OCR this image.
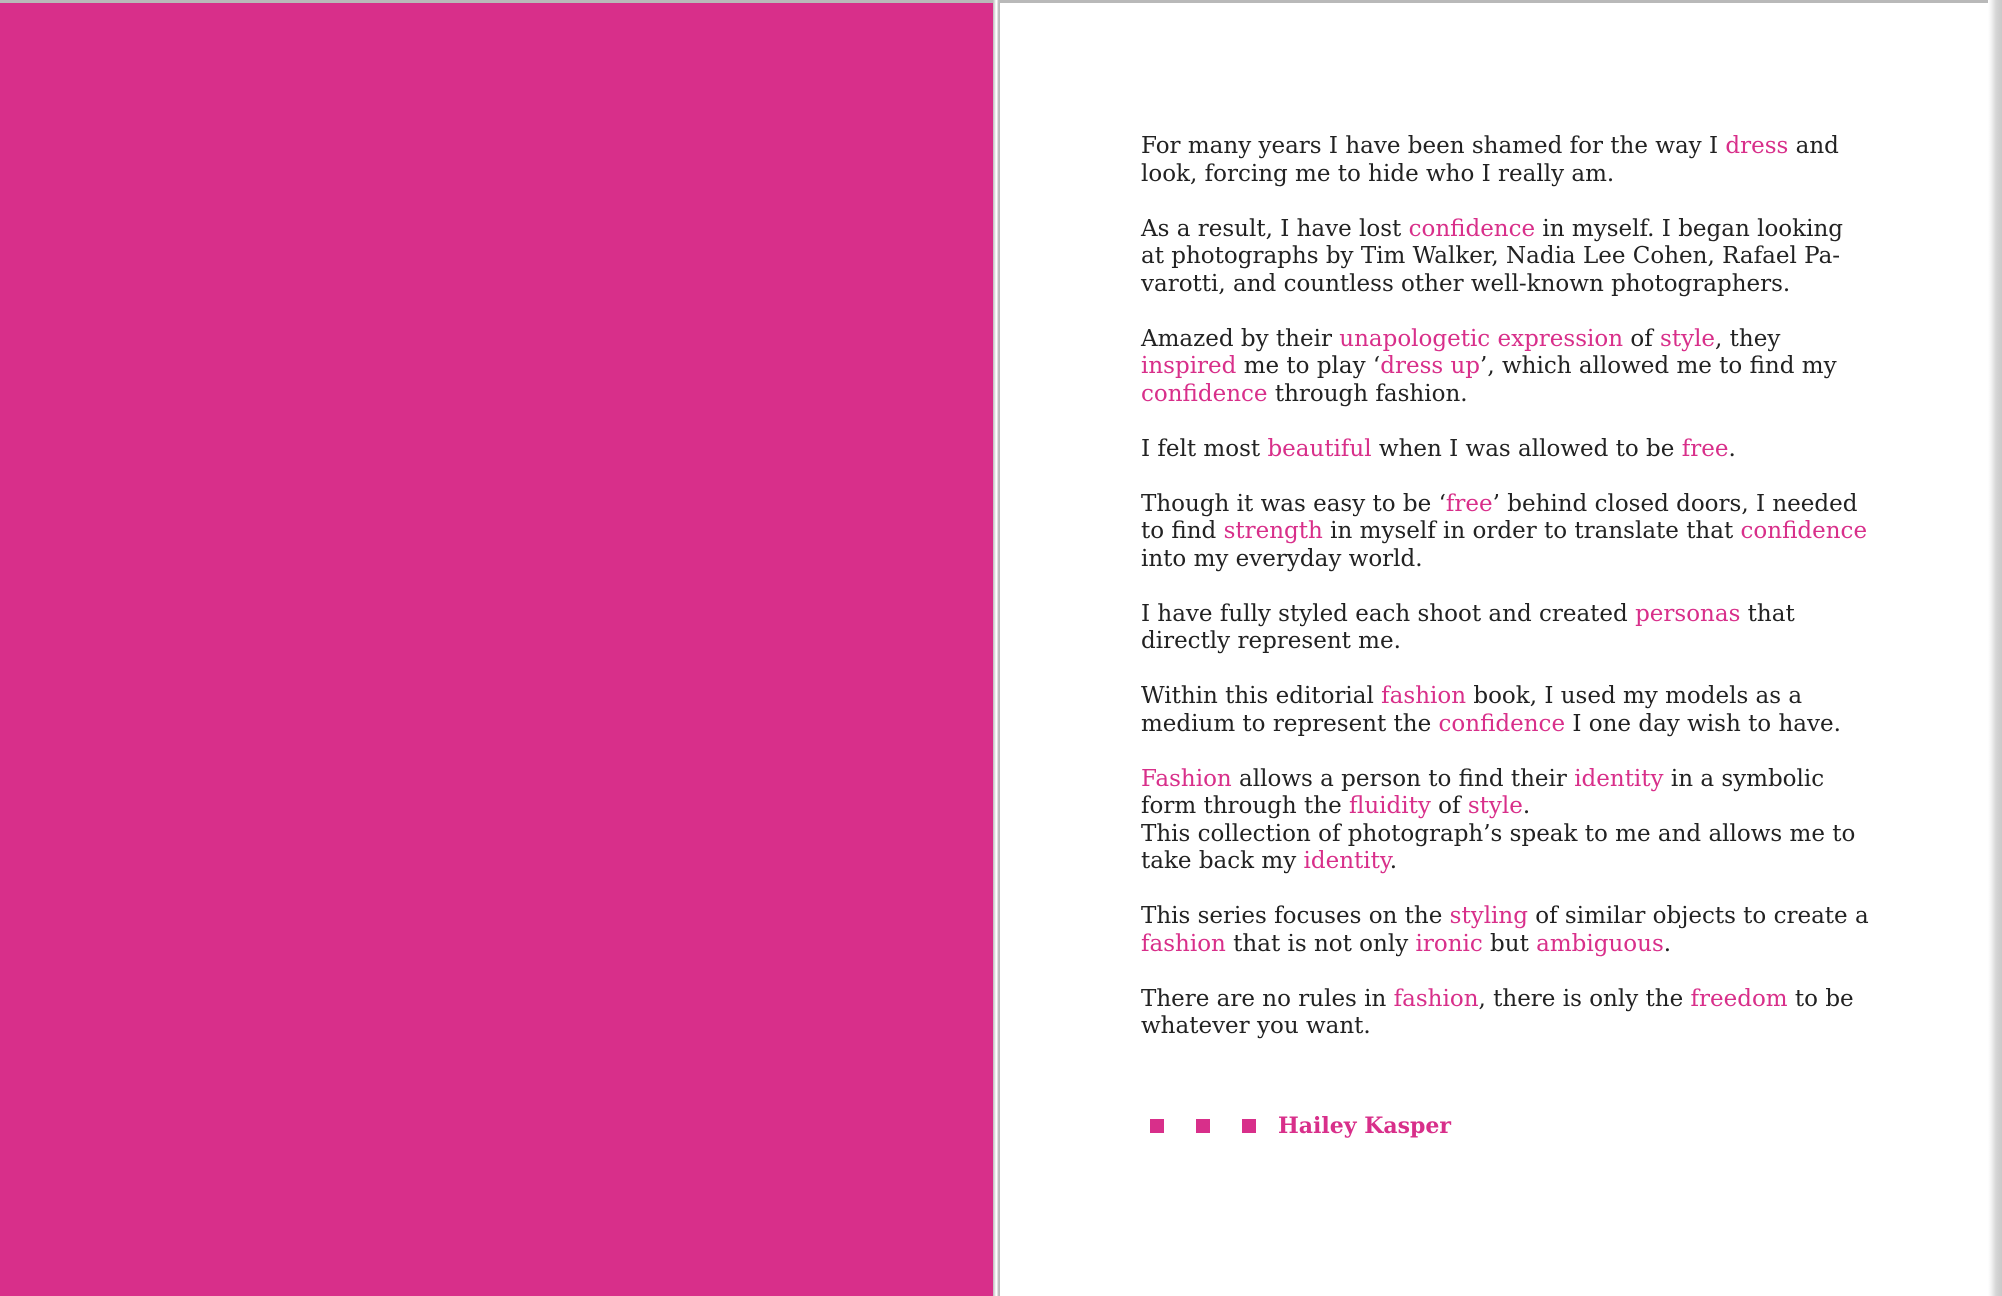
For many years I have been shamed for the way I dress and
look, forcing me to hide who I really am.

As a result, I have lost confidence in myself. I began looking
at photographs by Tim Walker, Nadia Lee Cohen, Rafael Pa-
varotti, and countless other well-known photographers.

Amazed by their unapologetic expression of style, they
inspired me to play ‘dress up’, which allowed me to find my
confidence through fashion.

I felt most beautiful when I was allowed to be free.

Though it was easy to be ‘free’ behind closed doors, I needed
to find strength in myself in order to translate that confidence
into my everyday world.

I have fully styled each shoot and created personas that
directly represent me.

Within this editorial fashion book, I used my models as a
medium to represent the confidence I one day wish to have.

Fashion allows a person to find their identity in a symbolic
form through the fluidity of style.
This collection of photograph’s speak to me and allows me to
take back my identity.

This series focuses on the styling of similar objects to create a
fashion that is not only ironic but ambiguous.

There are no rules in fashion, there is only the freedom to be
whatever you want.

Hailey Kasper
